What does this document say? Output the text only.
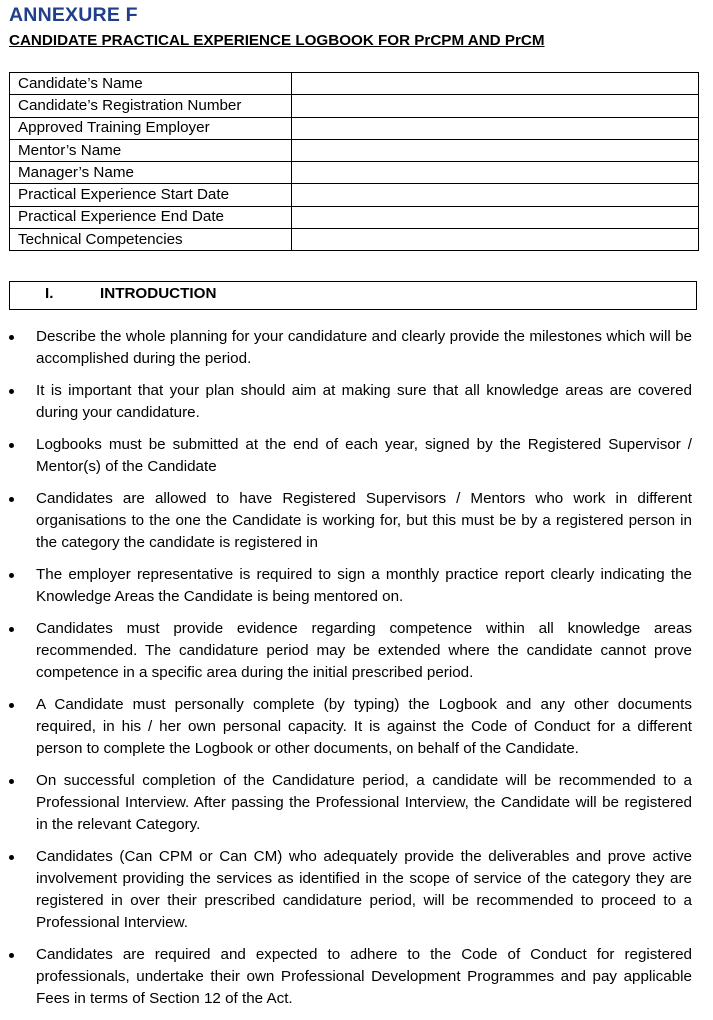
ANNEXURE F
CANDIDATE PRACTICAL EXPERIENCE LOGBOOK FOR PrCPM AND PrCM
Candidate’s Name	
Candidate’s Registration Number	
Approved Training Employer	
Mentor’s Name	
Manager’s Name	
Practical Experience Start Date	
Practical Experience End Date	
Technical Competencies	
I.	INTRODUCTION
Describe the whole planning for your candidature and clearly provide the milestones which will be accomplished during the period.
It is important that your plan should aim at making sure that all knowledge areas are covered during your candidature.
Logbooks must be submitted at the end of each year, signed by the Registered Supervisor / Mentor(s) of the Candidate
Candidates are allowed to have Registered Supervisors / Mentors who work in different organisations to the one the Candidate is working for, but this must be by a registered person in the category the candidate is registered in
The employer representative is required to sign a monthly practice report clearly indicating the Knowledge Areas the Candidate is being mentored on.
Candidates must provide evidence regarding competence within all knowledge areas recommended. The candidature period may be extended where the candidate cannot prove competence in a specific area during the initial prescribed period.
A Candidate must personally complete (by typing) the Logbook and any other documents required, in his / her own personal capacity. It is against the Code of Conduct for a different person to complete the Logbook or other documents, on behalf of the Candidate.
On successful completion of the Candidature period, a candidate will be recommended to a Professional Interview. After passing the Professional Interview, the Candidate will be registered in the relevant Category.
Candidates (Can CPM or Can CM) who adequately provide the deliverables and prove active involvement providing the services as identified in the scope of service of the category they are registered in over their prescribed candidature period, will be recommended to proceed to a Professional Interview.
Candidates are required and expected to adhere to the Code of Conduct for registered professionals, undertake their own Professional Development Programmes and pay applicable Fees in terms of Section 12 of the Act.
